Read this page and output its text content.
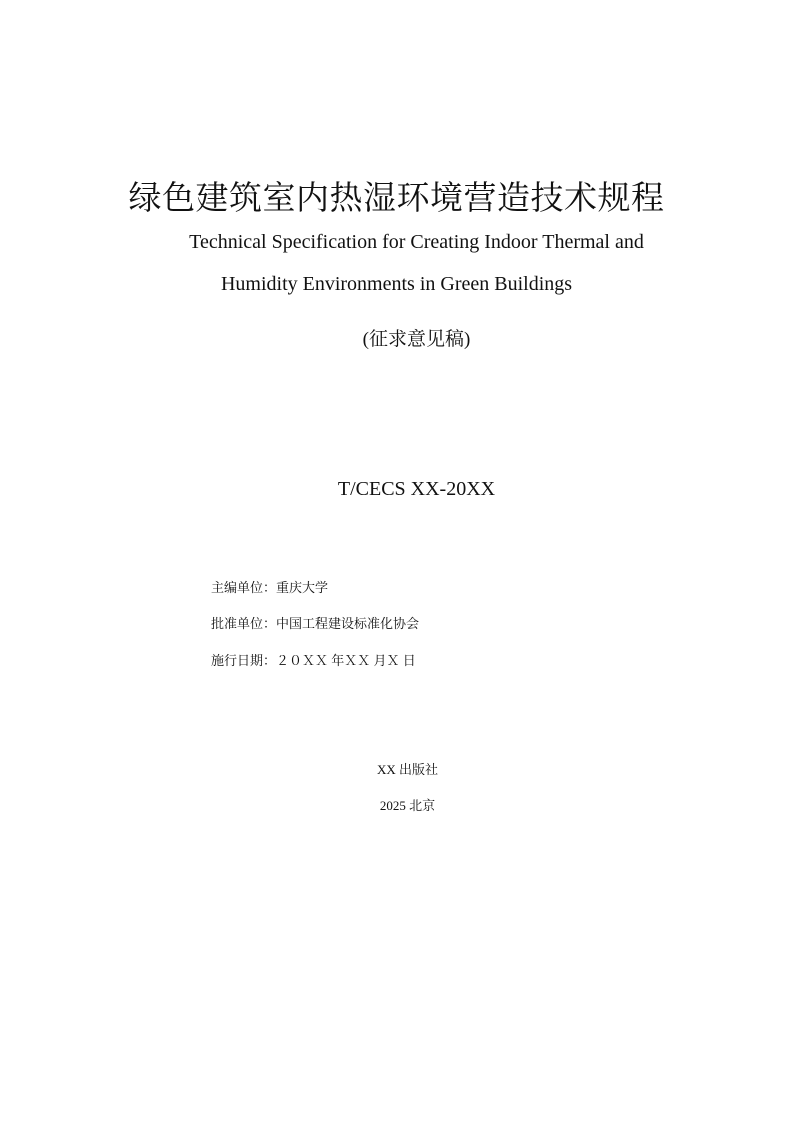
绿色建筑室内热湿环境营造技术规程
Technical Specification for Creating Indoor Thermal and
Humidity Environments in Green Buildings
(征求意见稿)
T/CECS XX-20XX
主编单位：重庆大学
批准单位：中国工程建设标准化协会
施行日期：２０ＸＸ 年ＸＸ 月Ｘ 日
XX 出版社
2025 北京
